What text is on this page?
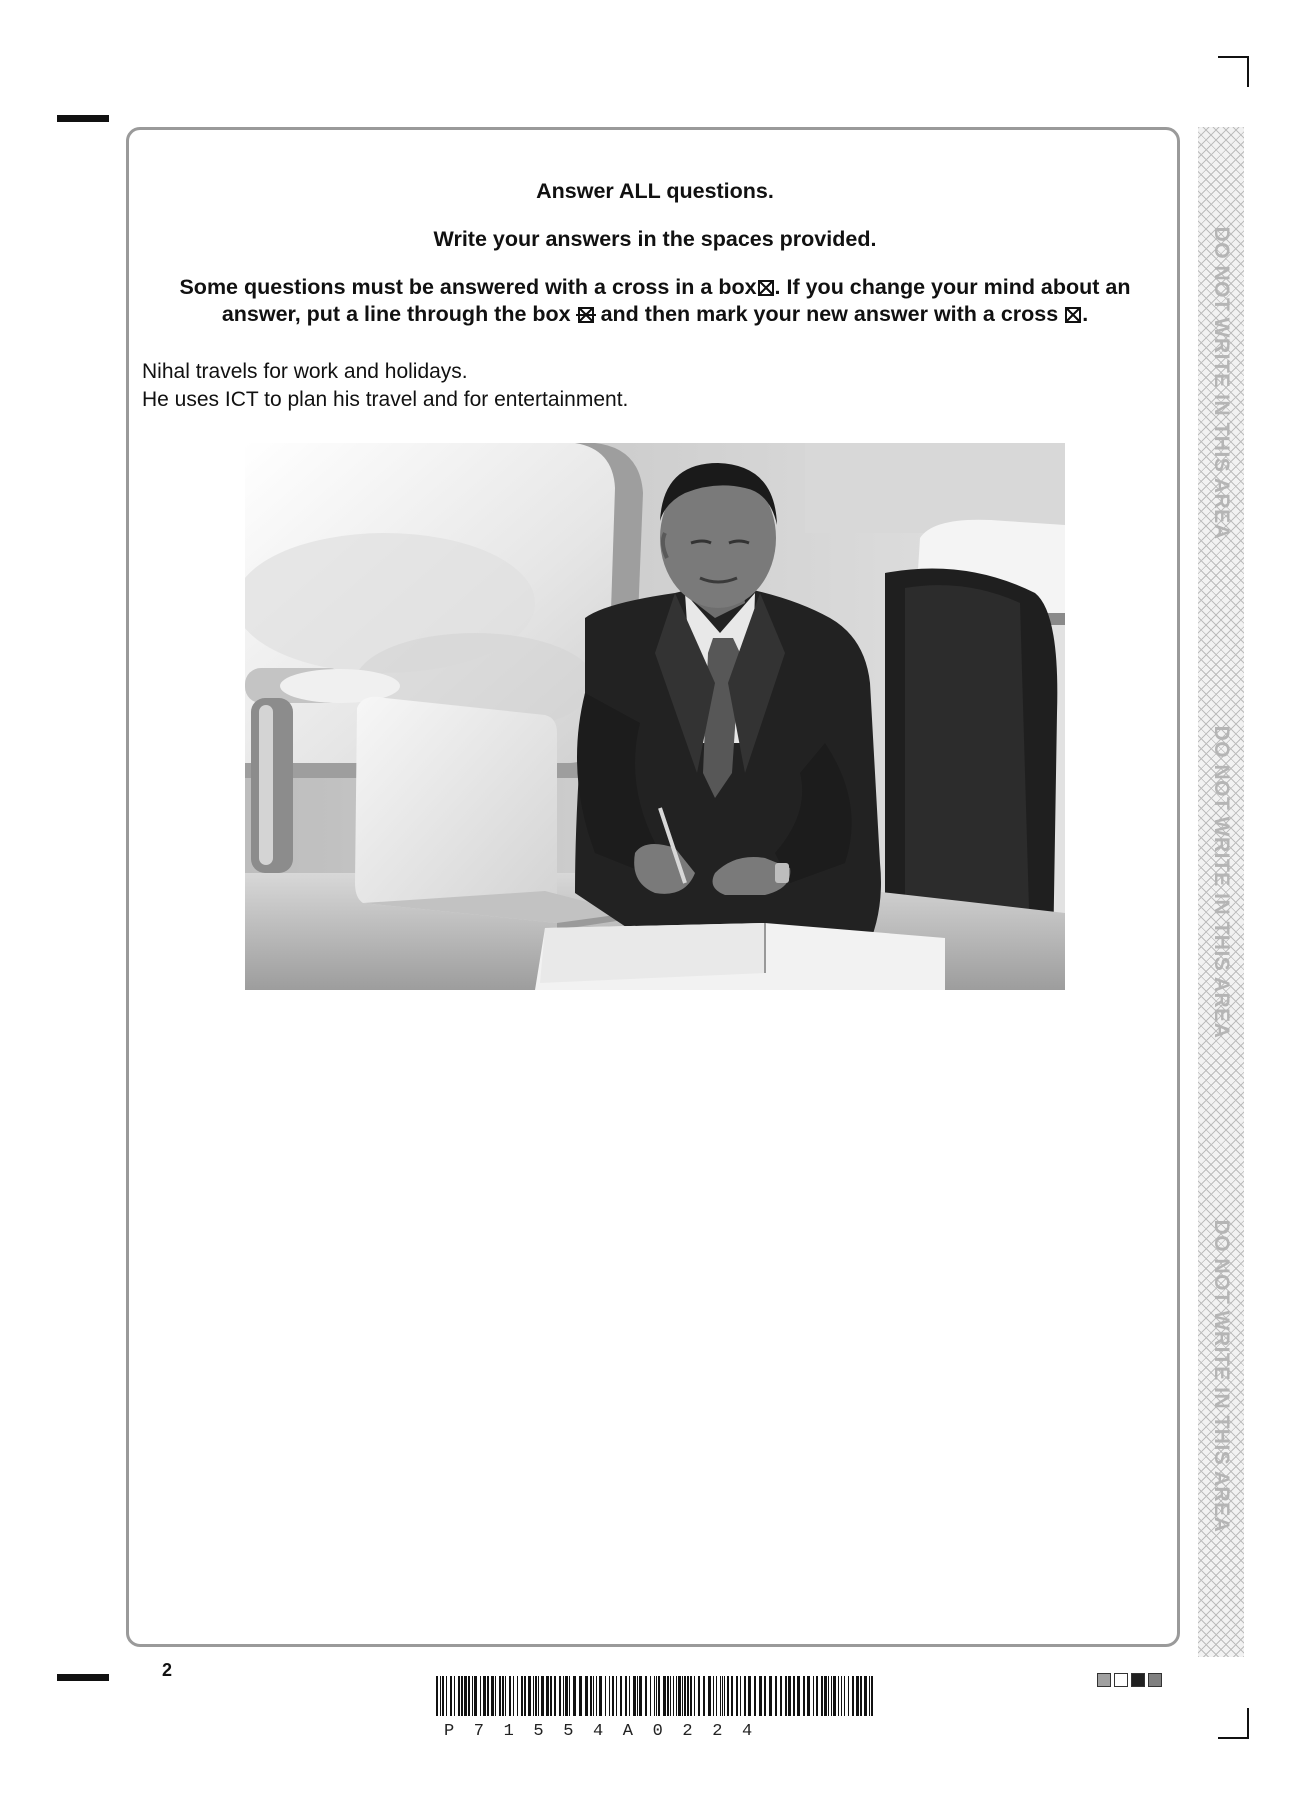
Answer ALL questions.

Write your answers in the spaces provided.

Some questions must be answered with a cross in a box☒. If you change your mind about an
answer, put a line through the box and then mark your new answer with a cross ☒.

Nihal travels for work and holidays.

He uses ICT to plan his travel and for entertainment.	DO NOT WRITE IN THIS AREA
DO NOT WRITE IN THIS AREA
DO NOT WRITE IN THIS AREA
2
P71554A0224
